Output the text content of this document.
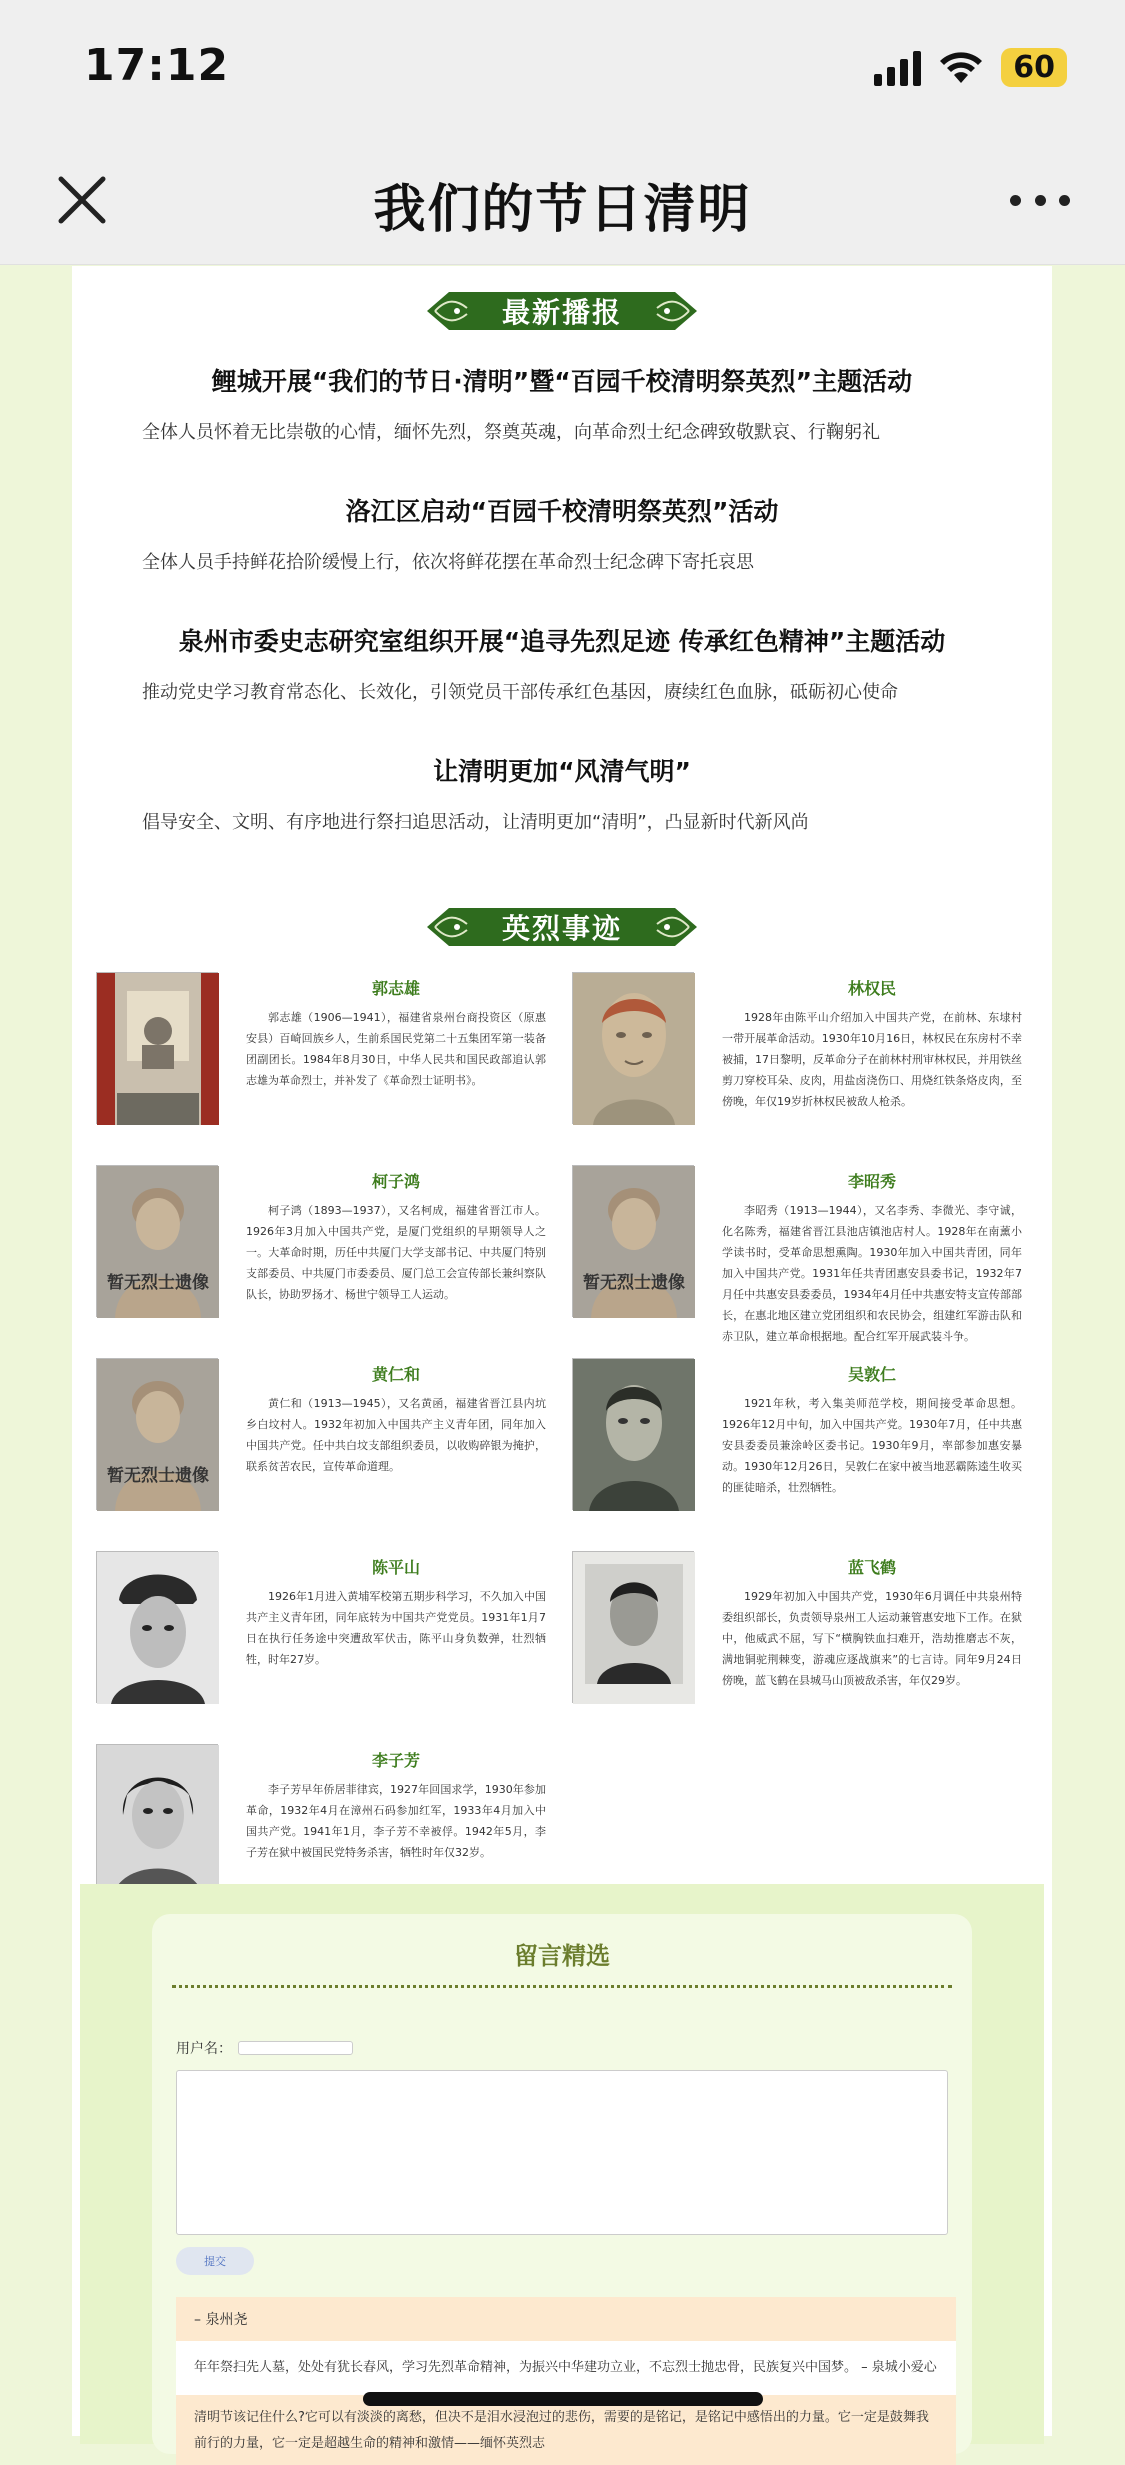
17:12	60
我们的节日清明
最新播报
鲤城开展“我们的节日·清明”暨“百园千校清明祭英烈”主题活动
全体人员怀着无比崇敬的心情，缅怀先烈，祭奠英魂，向革命烈士纪念碑致敬默哀、行鞠躬礼
洛江区启动“百园千校清明祭英烈”活动
全体人员手持鲜花拾阶缓慢上行，依次将鲜花摆在革命烈士纪念碑下寄托哀思
泉州市委史志研究室组织开展“追寻先烈足迹 传承红色精神”主题活动
推动党史学习教育常态化、长效化，引领党员干部传承红色基因，赓续红色血脉，砥砺初心使命
让清明更加“风清气明”
倡导安全、文明、有序地进行祭扫追思活动，让清明更加“清明”，凸显新时代新风尚
英烈事迹
郭志雄
郭志雄（1906—1941），福建省泉州台商投资区（原惠安县）百崎回族乡人，生前系国民党第二十五集团军第一装备团副团长。1984年8月30日，中华人民共和国民政部追认郭志雄为革命烈士，并补发了《革命烈士证明书》。
林权民
1928年由陈平山介绍加入中国共产党，在前林、东埭村一带开展革命活动。1930年10月16日，林权民在东房村不幸被捕，17日黎明，反革命分子在前林村刑审林权民，并用铁丝剪刀穿校耳朵、皮肉，用盐卤浇伤口、用烧红铁条烙皮肉，至傍晚，年仅19岁折林权民被敌人枪杀。
暂无烈士遗像
柯子鸿
柯子鸿（1893—1937），又名柯成，福建省晋江市人。1926年3月加入中国共产党，是厦门党组织的早期领导人之一。大革命时期，历任中共厦门大学支部书记、中共厦门特别支部委员、中共厦门市委委员、厦门总工会宣传部长兼纠察队队长，协助罗扬才、杨世宁领导工人运动。
暂无烈士遗像
李昭秀
李昭秀（1913—1944），又名李秀、李微光、李守诚，化名陈秀，福建省晋江县池店镇池店村人。1928年在南薰小学读书时，受革命思想熏陶。1930年加入中国共青团，同年加入中国共产党。1931年任共青团惠安县委书记，1932年7月任中共惠安县委委员，1934年4月任中共惠安特支宣传部部长，在惠北地区建立党团组织和农民协会，组建红军游击队和赤卫队，建立革命根据地。配合红军开展武装斗争。
暂无烈士遗像
黄仁和
黄仁和（1913—1945），又名黄函，福建省晋江县内坑乡白坟村人。1932年初加入中国共产主义青年团，同年加入中国共产党。任中共白坟支部组织委员，以收购碎银为掩护，联系贫苦农民，宣传革命道理。
吴敦仁
1921年秋，考入集美师范学校，期间接受革命思想。1926年12月中旬，加入中国共产党。1930年7月，任中共惠安县委委员兼涂岭区委书记。1930年9月，率部参加惠安暴动。1930年12月26日，吴敦仁在家中被当地恶霸陈逵生收买的匪徒暗杀，壮烈牺牲。
陈平山
1926年1月进入黄埔军校第五期步科学习，不久加入中国共产主义青年团，同年底转为中国共产党党员。1931年1月7日在执行任务途中突遭敌军伏击，陈平山身负数弹，壮烈牺牲，时年27岁。
蓝飞鹤
1929年初加入中国共产党，1930年6月调任中共泉州特委组织部长，负责领导泉州工人运动兼管惠安地下工作。在狱中，他威武不屈，写下“横胸铁血扫难开，浩劫推磨志不灰，满地铜驼荆棘变，游魂应逐战旗来”的七言诗。同年9月24日傍晚，蓝飞鹤在县城马山顶被敌杀害，年仅29岁。
李子芳
李子芳早年侨居菲律宾，1927年回国求学，1930年参加革命，1932年4月在漳州石码参加红军，1933年4月加入中国共产党。1941年1月，李子芳不幸被俘。1942年5月，李子芳在狱中被国民党特务杀害，牺牲时年仅32岁。
留言精选
用户名：
提交
– 泉州尧
年年祭扫先人墓，处处有犹长春风，学习先烈革命精神，为振兴中华建功立业，不忘烈士抛忠骨，民族复兴中国梦。 – 泉城小爱心
清明节该记住什么?它可以有淡淡的离愁，但决不是泪水浸泡过的悲伤，需要的是铭记，是铭记中感悟出的力量。它一定是鼓舞我前行的力量，它一定是超越生命的精神和激情——缅怀英烈志
